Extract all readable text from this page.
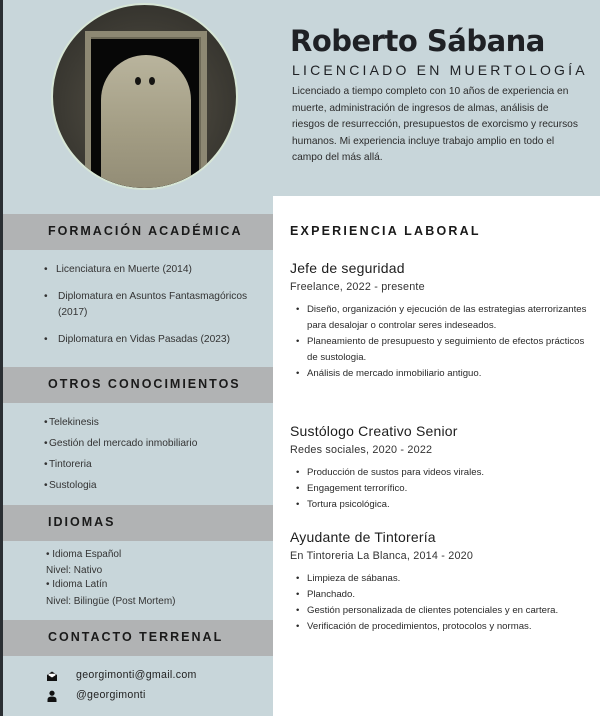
Roberto Sábana
LICENCIADO EN MUERTOLOGÍA
Licenciado a tiempo completo con 10 años de experiencia en muerte, administración de ingresos de almas, análisis de riesgos de resurrección, presupuestos de exorcismo y recursos humanos. Mi experiencia incluye trabajo amplio en todo el campo del más allá.
FORMACIÓN ACADÉMICA
• Licenciatura en Muerte (2014)
• Diplomatura en Asuntos Fantasmagóricos (2017)
• Diplomatura en Vidas Pasadas (2023)
OTROS CONOCIMIENTOS
• Telekinesis
• Gestión del mercado inmobiliario
• Tintoreria
• Sustologia
IDIOMAS
• Idioma Español
Nivel: Nativo
• Idioma Latín
Nivel: Bilingüe (Post Mortem)
CONTACTO TERRENAL
georgimonti@gmail.com
@georgimonti
EXPERIENCIA LABORAL
Jefe de seguridad
Freelance, 2022 - presente
• Diseño, organización y ejecución de las estrategias aterrorizantes para desalojar o controlar seres indeseados.
• Planeamiento de presupuesto y seguimiento de efectos prácticos de sustologia.
• Análisis de mercado inmobiliario antiguo.
Sustólogo Creativo Senior
Redes sociales, 2020 - 2022
• Producción de sustos para videos virales.
• Engagement terrorífico.
• Tortura psicológica.
Ayudante de Tintorería
En Tintoreria La Blanca, 2014 - 2020
• Limpieza de sábanas.
• Planchado.
• Gestión personalizada de clientes potenciales y en cartera.
• Verificación de procedimientos, protocolos y normas.
